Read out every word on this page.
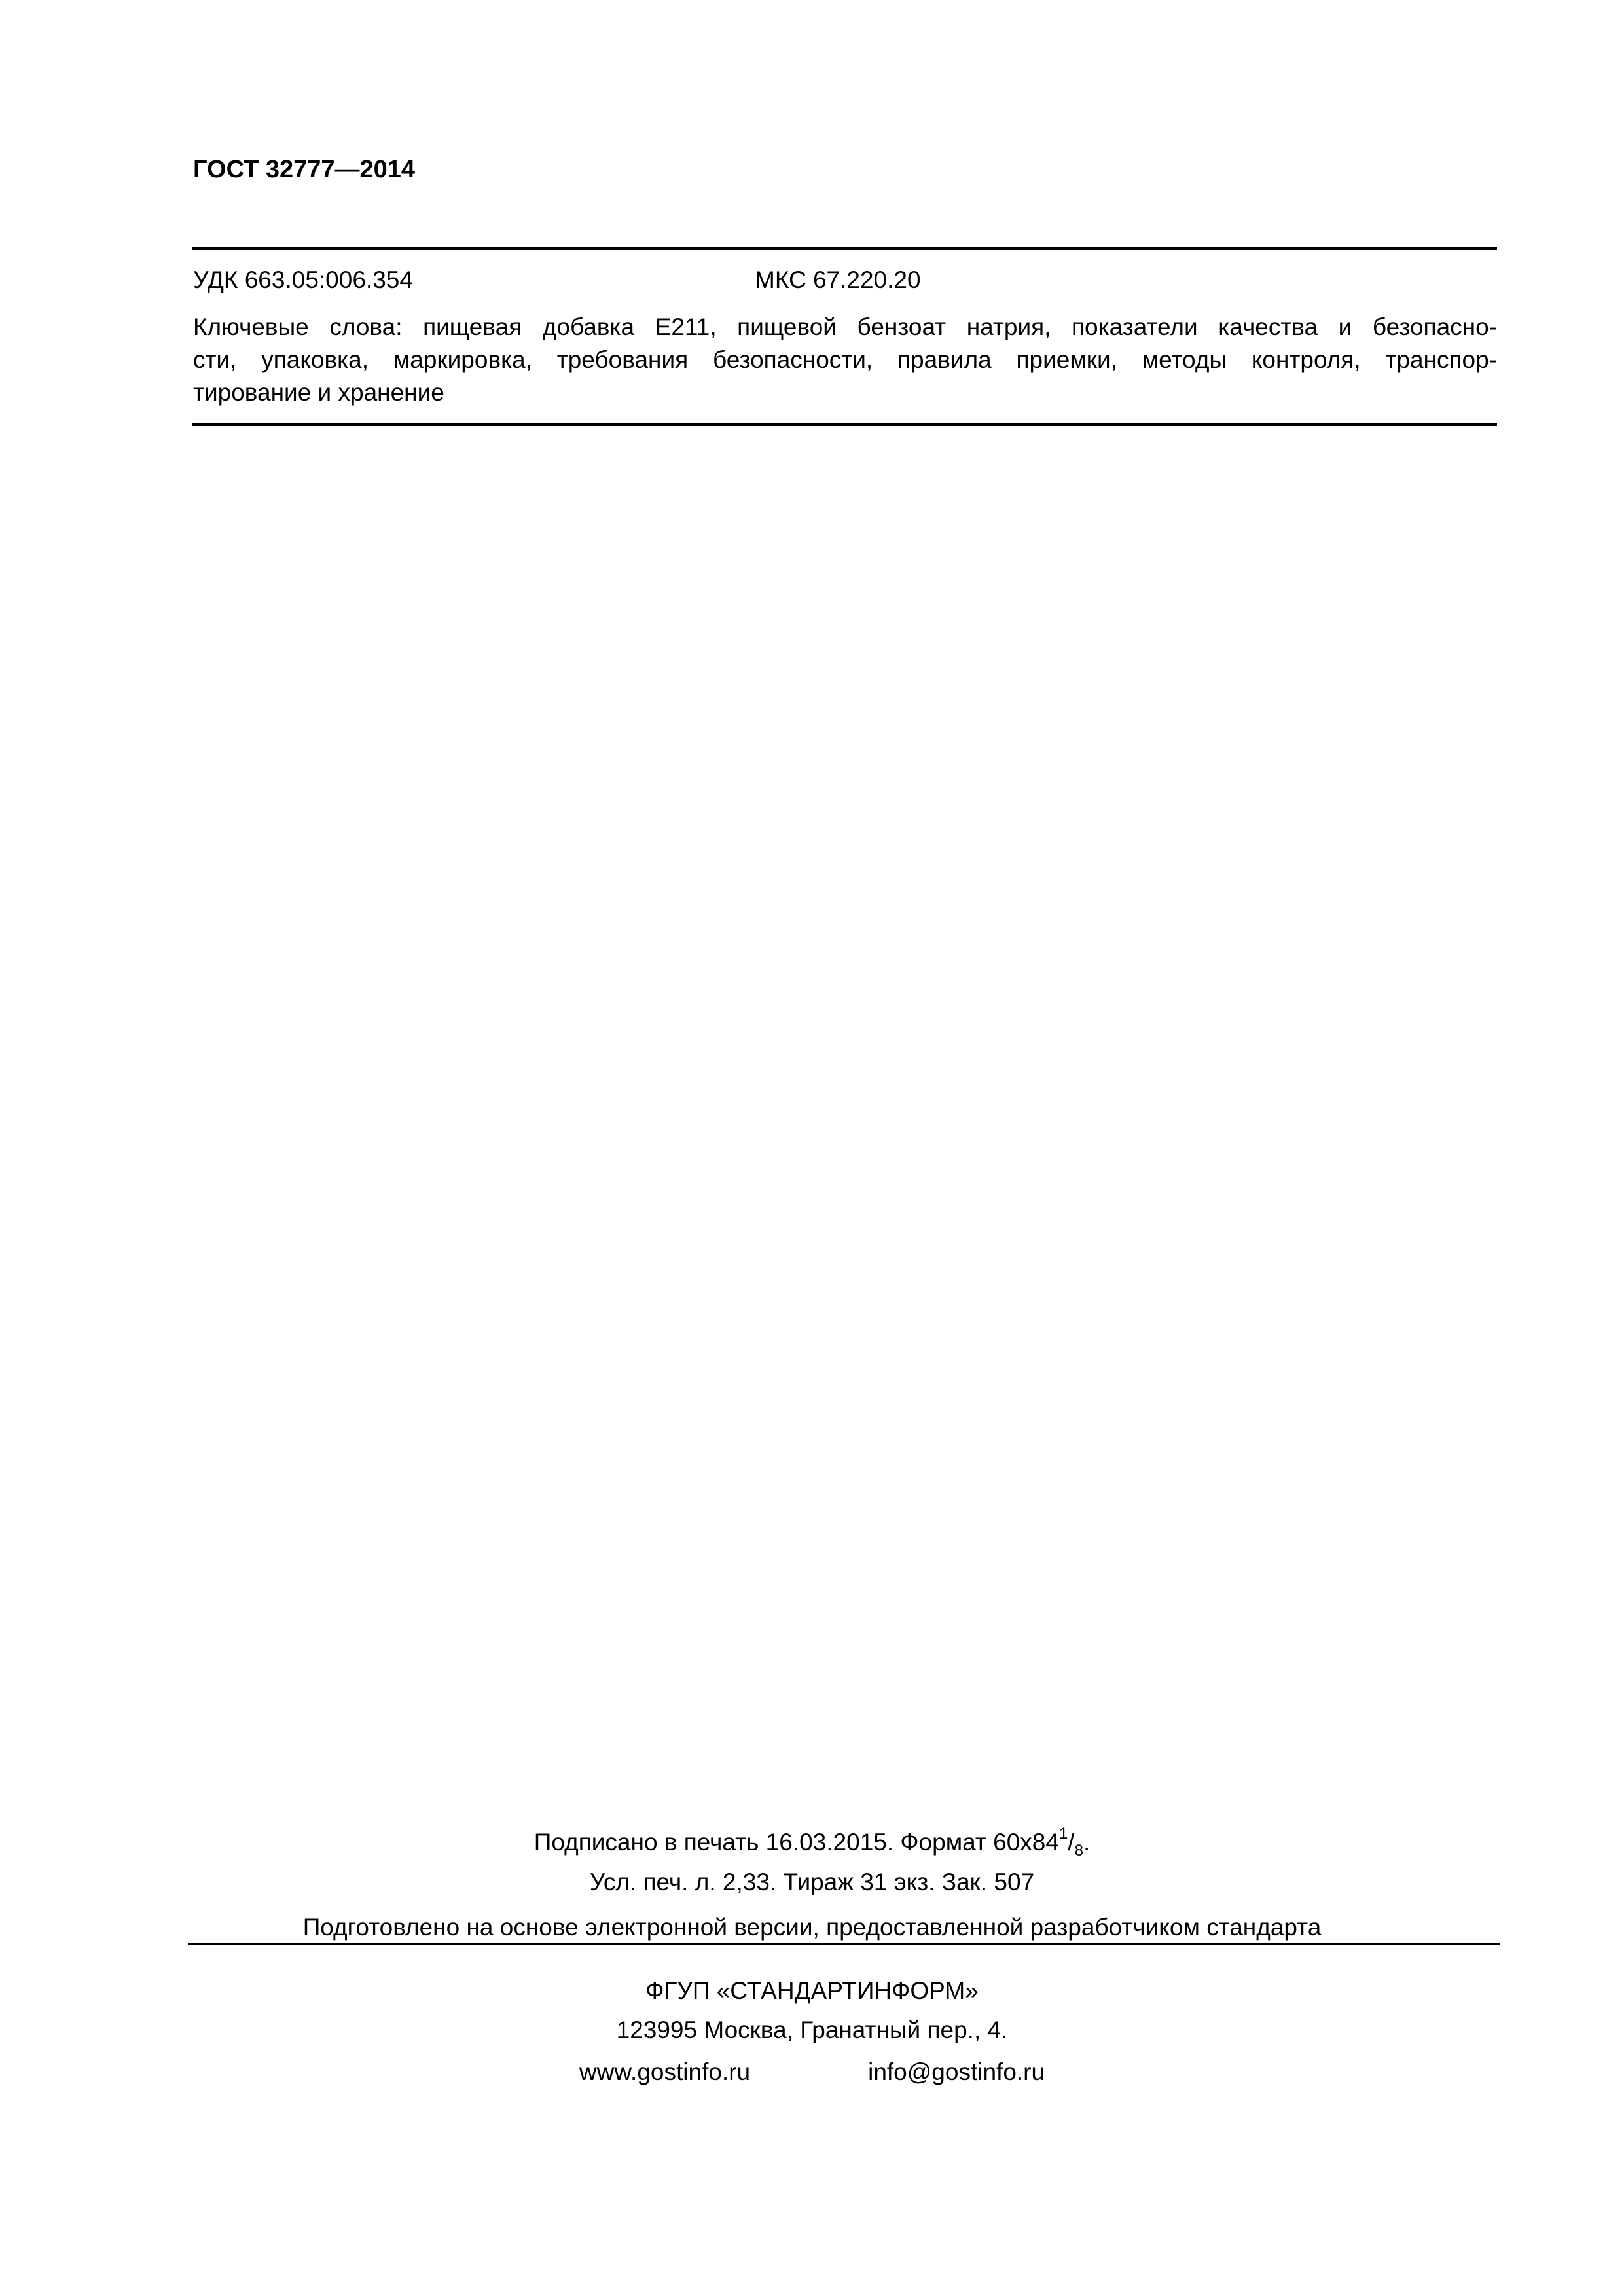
ГОСТ 32777—2014
УДК 663.05:006.354	МКС 67.220.20
Ключевые слова: пищевая добавка Е211, пищевой бензоат натрия, показатели качества и безопасно-
сти, упаковка, маркировка, требования безопасности, правила приемки, методы контроля, транспор-
тирование и хранение
Подписано в печать 16.03.2015. Формат $60x84^1/_8$.
Усл. печ. л. 2,33. Тираж 31 экз. Зак. 507
Подготовлено на основе электронной версии, предоставленной разработчиком стандарта
ФГУП «СТАНДАРТИНФОРМ»
123995 Москва, Гранатный пер., 4.
www.gostinfo.ru	info@gostinfo.ru
